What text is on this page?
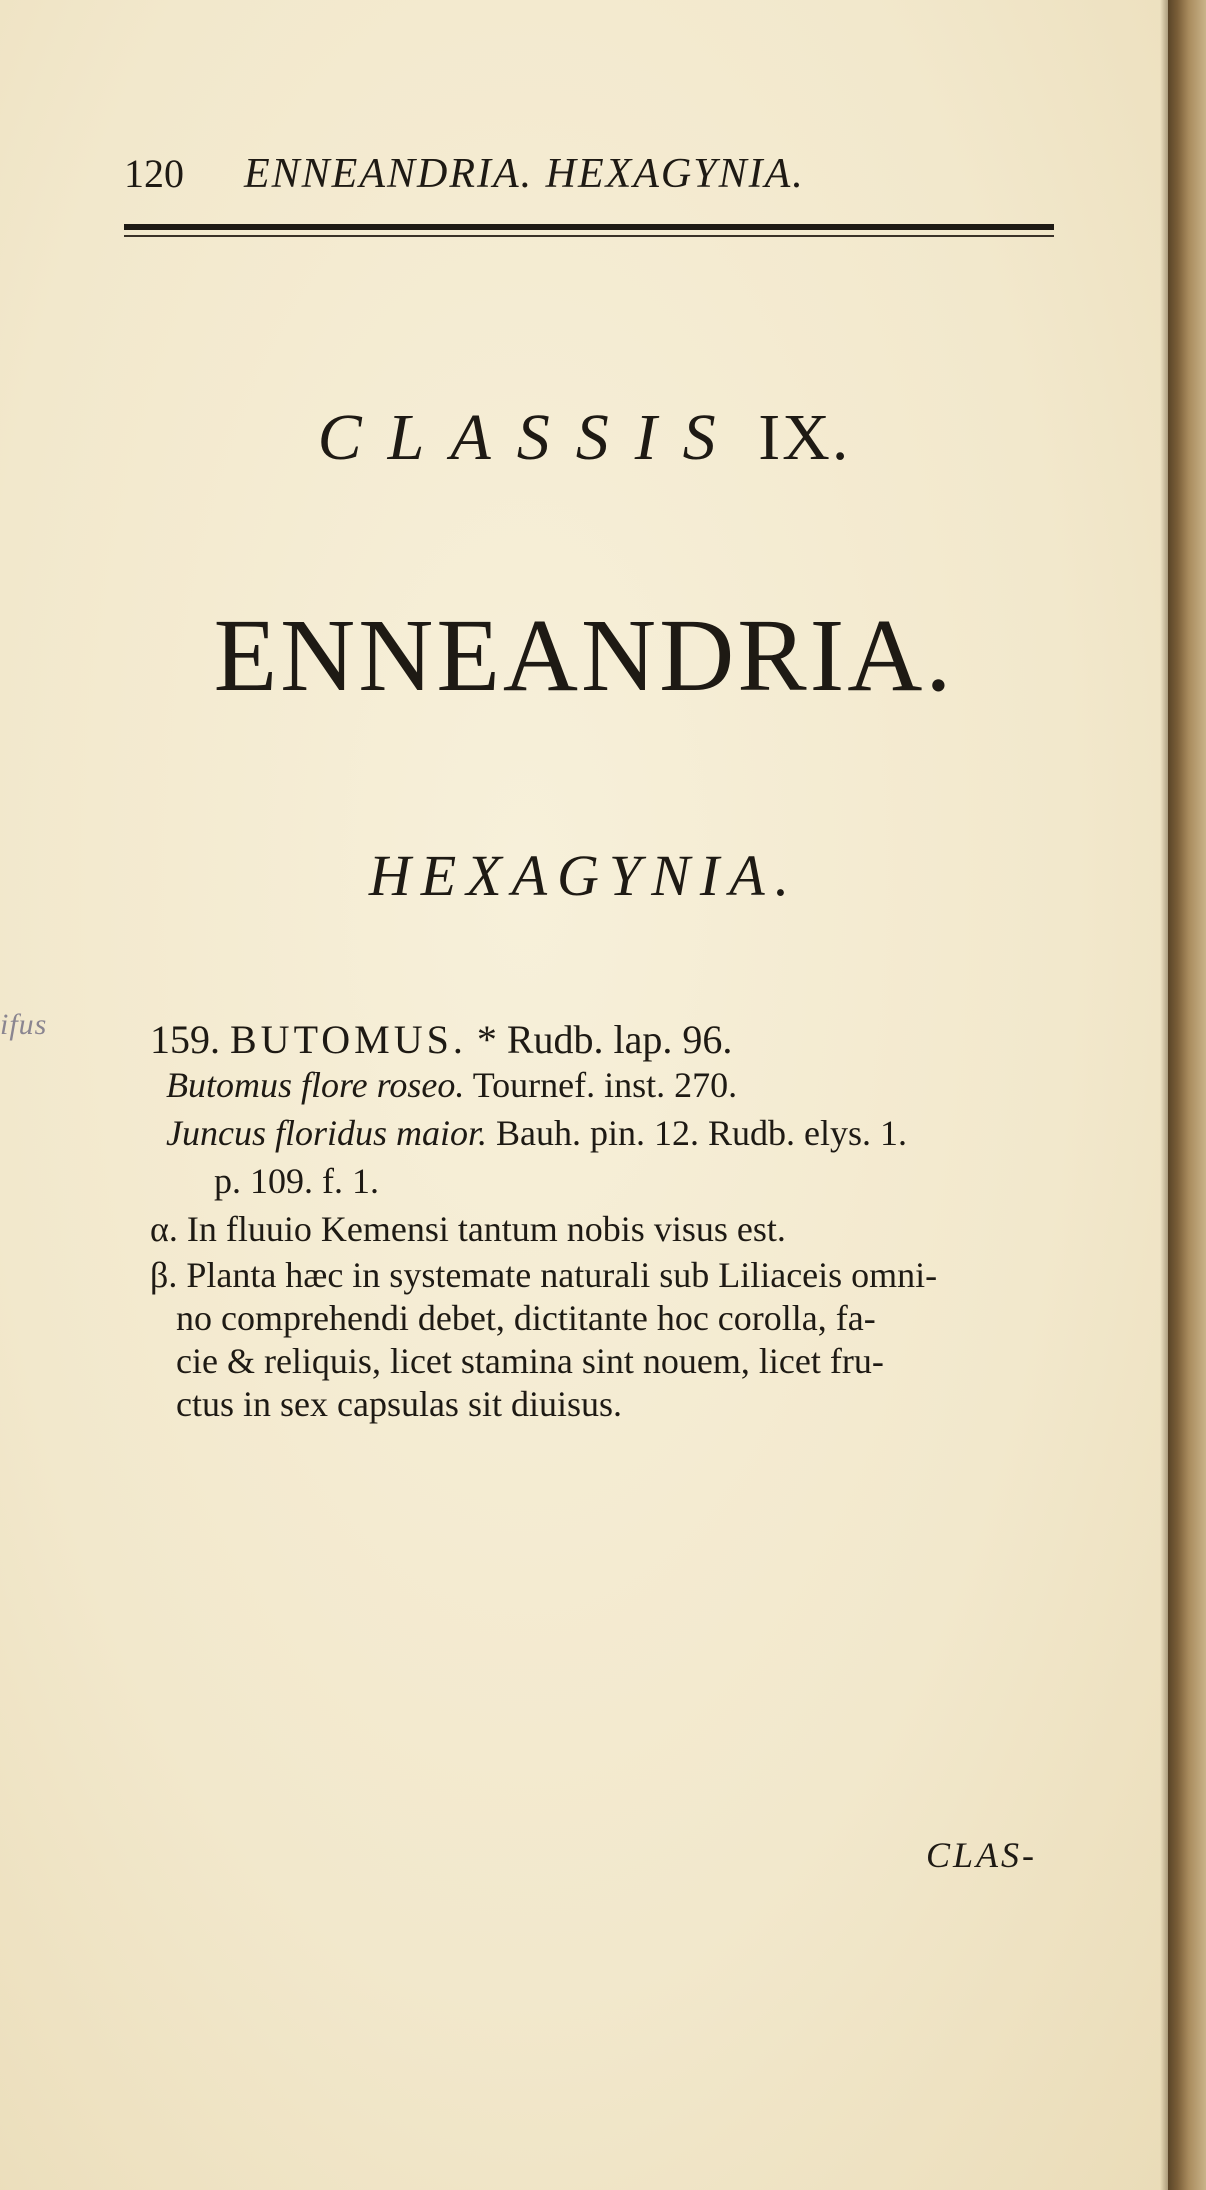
ifus
120 ENNEANDRIA. HEXAGYNIA.
CLASSIS IX.
ENNEANDRIA.
HEXAGYNIA.
159. BUTOMUS. * Rudb. lap. 96.
Butomus flore roseo. Tournef. inst. 270.
Juncus floridus maior. Bauh. pin. 12. Rudb. elys. 1.
p. 109. f. 1.
α. In fluuio Kemensi tantum nobis visus est.
β. Planta hæc in systemate naturali sub Liliaceis omni-
no comprehendi debet, dictitante hoc corolla, fa-
cie & reliquis, licet stamina sint nouem, licet fru-
ctus in sex capsulas sit diuisus.
CLAS-
